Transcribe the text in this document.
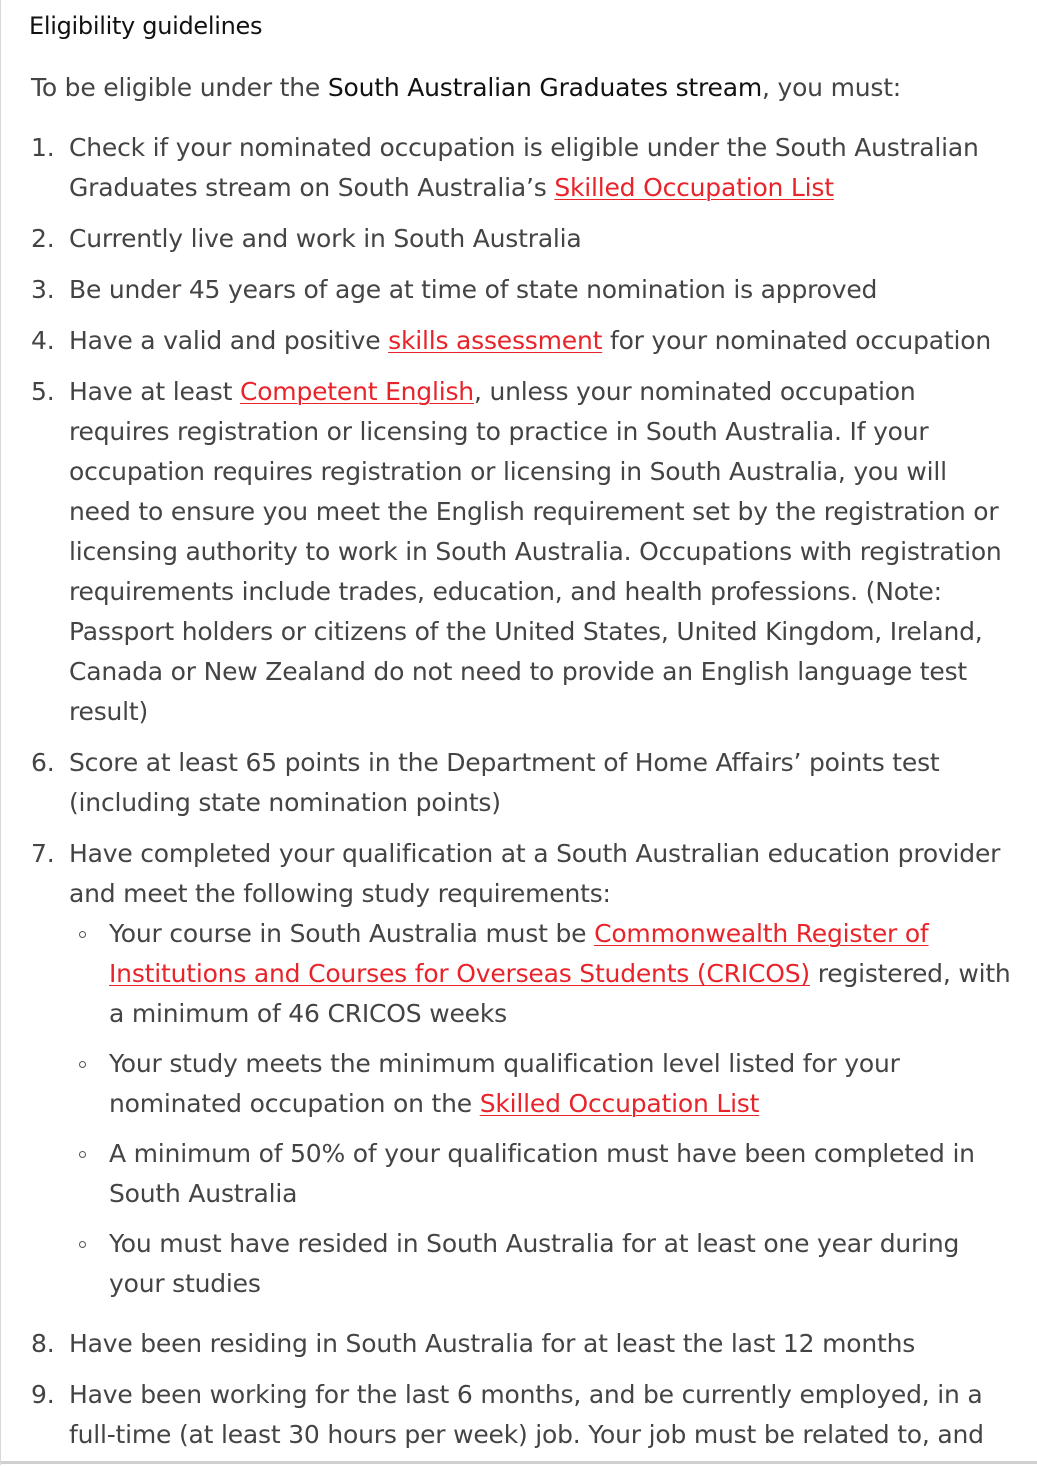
Eligibility guidelines
To be eligible under the South Australian Graduates stream, you must:
1. Check if your nominated occupation is eligible under the South Australian Graduates stream on South Australia’s Skilled Occupation List
2. Currently live and work in South Australia
3. Be under 45 years of age at time of state nomination is approved
4. Have a valid and positive skills assessment for your nominated occupation
5. Have at least Competent English, unless your nominated occupation requires registration or licensing to practice in South Australia. If your occupation requires registration or licensing in South Australia, you will need to ensure you meet the English requirement set by the registration or licensing authority to work in South Australia. Occupations with registration requirements include trades, education, and health professions. (Note: Passport holders or citizens of the United States, United Kingdom, Ireland, Canada or New Zealand do not need to provide an English language test result)
6. Score at least 65 points in the Department of Home Affairs’ points test (including state nomination points)
7. Have completed your qualification at a South Australian education provider and meet the following study requirements:
Your course in South Australia must be Commonwealth Register of Institutions and Courses for Overseas Students (CRICOS) registered, with a minimum of 46 CRICOS weeks
Your study meets the minimum qualification level listed for your nominated occupation on the Skilled Occupation List
A minimum of 50% of your qualification must have been completed in South Australia
You must have resided in South Australia for at least one year during your studies
8. Have been residing in South Australia for at least the last 12 months
9. Have been working for the last 6 months, and be currently employed, in a full-time (at least 30 hours per week) job. Your job must be related to, and
